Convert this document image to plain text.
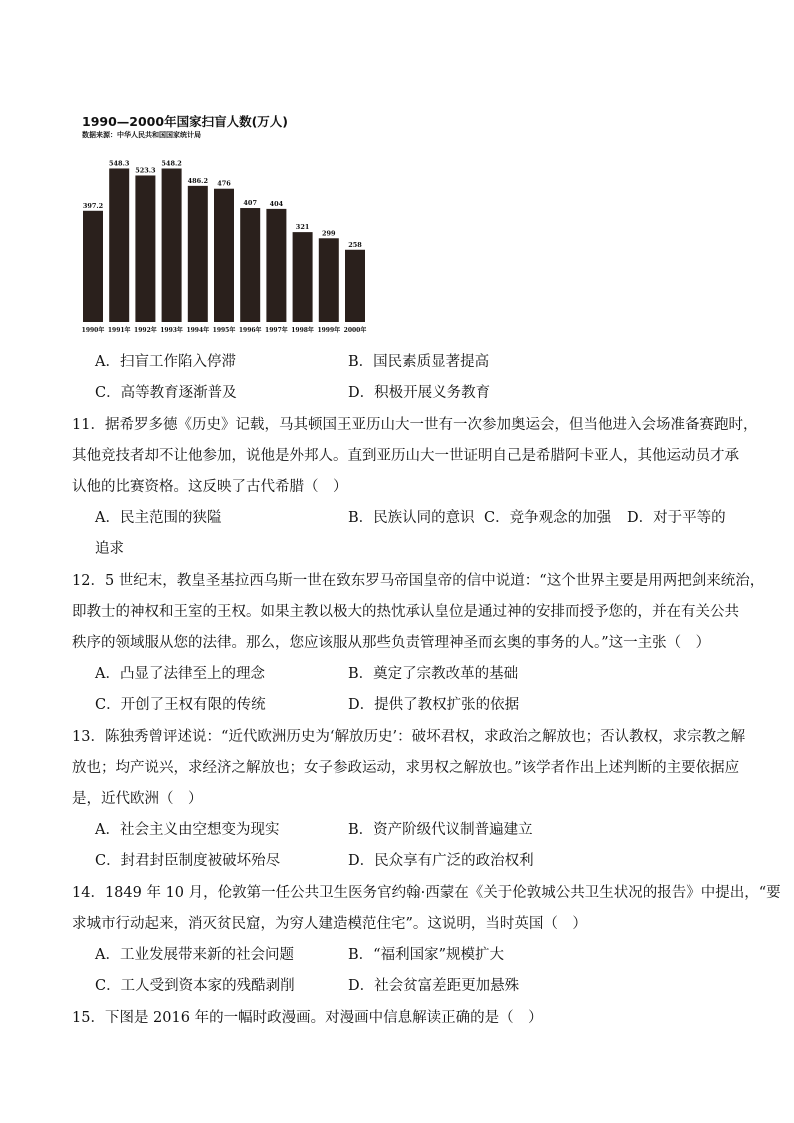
1990—2000年国家扫盲人数(万人)
数据来源：中华人民共和国国家统计局
397.2
1990年
548.3
1991年
523.3
1992年
548.2
1993年
486.2
1994年
476
1995年
407
1996年
404
1997年
321
1998年
299
1999年
258
2000年
A．扫盲工作陷入停滞	B．国民素质显著提高
C．高等教育逐渐普及	D．积极开展义务教育
11．据希罗多德《历史》记载，马其顿国王亚历山大一世有一次参加奥运会，但当他进入会场准备赛跑时，
其他竞技者却不让他参加，说他是外邦人。直到亚历山大一世证明自己是希腊阿卡亚人，其他运动员才承
认他的比赛资格。这反映了古代希腊（　）
A．民主范围的狭隘	B．民族认同的意识 C．竞争观念的加强 D．对于平等的
追求
12．5 世纪末，教皇圣基拉西乌斯一世在致东罗马帝国皇帝的信中说道：“这个世界主要是用两把剑来统治，
即教士的神权和王室的王权。如果主教以极大的热忱承认皇位是通过神的安排而授予您的，并在有关公共
秩序的领域服从您的法律。那么，您应该服从那些负责管理神圣而玄奥的事务的人。”这一主张（　）
A．凸显了法律至上的理念	B．奠定了宗教改革的基础
C．开创了王权有限的传统	D．提供了教权扩张的依据
13．陈独秀曾评述说：“近代欧洲历史为‘解放历史’：破坏君权，求政治之解放也；否认教权，求宗教之解
放也；均产说兴，求经济之解放也；女子参政运动，求男权之解放也。”该学者作出上述判断的主要依据应
是，近代欧洲（　）
A．社会主义由空想变为现实	B．资产阶级代议制普遍建立
C．封君封臣制度被破坏殆尽	D．民众享有广泛的政治权利
14．1849 年 10 月，伦敦第一任公共卫生医务官约翰·西蒙在《关于伦敦城公共卫生状况的报告》中提出，“要
求城市行动起来，消灭贫民窟，为穷人建造模范住宅”。这说明，当时英国（　）
A．工业发展带来新的社会问题	B．“福利国家”规模扩大
C．工人受到资本家的残酷剥削	D．社会贫富差距更加悬殊
15．下图是 2016 年的一幅时政漫画。对漫画中信息解读正确的是（　）
